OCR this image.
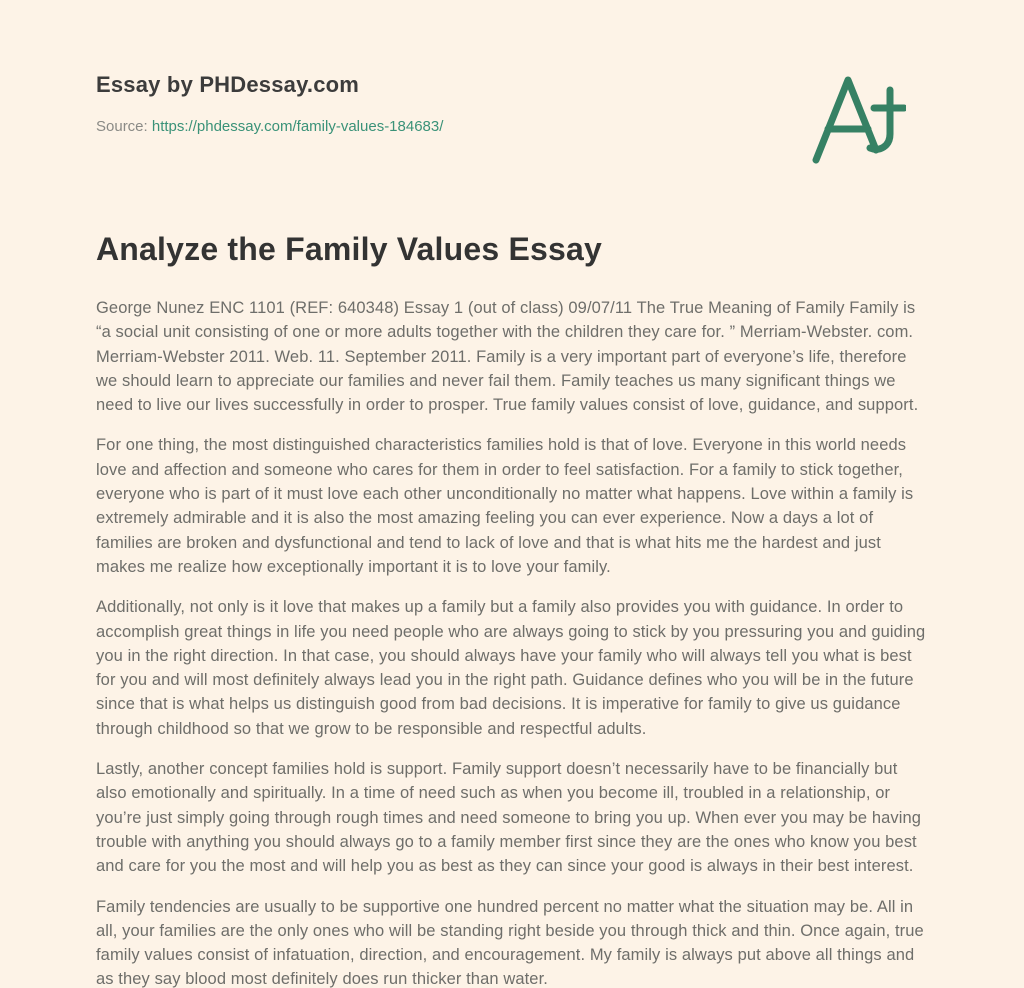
Essay by PHDessay.com
Source: https://phdessay.com/family-values-184683/
Analyze the Family Values Essay

George Nunez ENC 1101 (REF: 640348) Essay 1 (out of class) 09/07/11 The True Meaning of Family Family is “a social unit consisting of one or more adults together with the children they care for. ” Merriam-Webster. com. Merriam-Webster 2011. Web. 11. September 2011. Family is a very important part of everyone’s life, therefore we should learn to appreciate our families and never fail them. Family teaches us many significant things we need to live our lives successfully in order to prosper. True family values consist of love, guidance, and support.

For one thing, the most distinguished characteristics families hold is that of love. Everyone in this world needs love and affection and someone who cares for them in order to feel satisfaction. For a family to stick together, everyone who is part of it must love each other unconditionally no matter what happens. Love within a family is extremely admirable and it is also the most amazing feeling you can ever experience. Now a days a lot of families are broken and dysfunctional and tend to lack of love and that is what hits me the hardest and just makes me realize how exceptionally important it is to love your family.

Additionally, not only is it love that makes up a family but a family also provides you with guidance. In order to accomplish great things in life you need people who are always going to stick by you pressuring you and guiding you in the right direction. In that case, you should always have your family who will always tell you what is best for you and will most definitely always lead you in the right path. Guidance defines who you will be in the future since that is what helps us distinguish good from bad decisions. It is imperative for family to give us guidance through childhood so that we grow to be responsible and respectful adults.

Lastly, another concept families hold is support. Family support doesn’t necessarily have to be financially but also emotionally and spiritually. In a time of need such as when you become ill, troubled in a relationship, or you’re just simply going through rough times and need someone to bring you up. When ever you may be having trouble with anything you should always go to a family member first since they are the ones who know you best and care for you the most and will help you as best as they can since your good is always in their best interest.

Family tendencies are usually to be supportive one hundred percent no matter what the situation may be. All in all, your families are the only ones who will be standing right beside you through thick and thin. Once again, true family values consist of infatuation, direction, and encouragement. My family is always put above all things and as they say blood most definitely does run thicker than water.
